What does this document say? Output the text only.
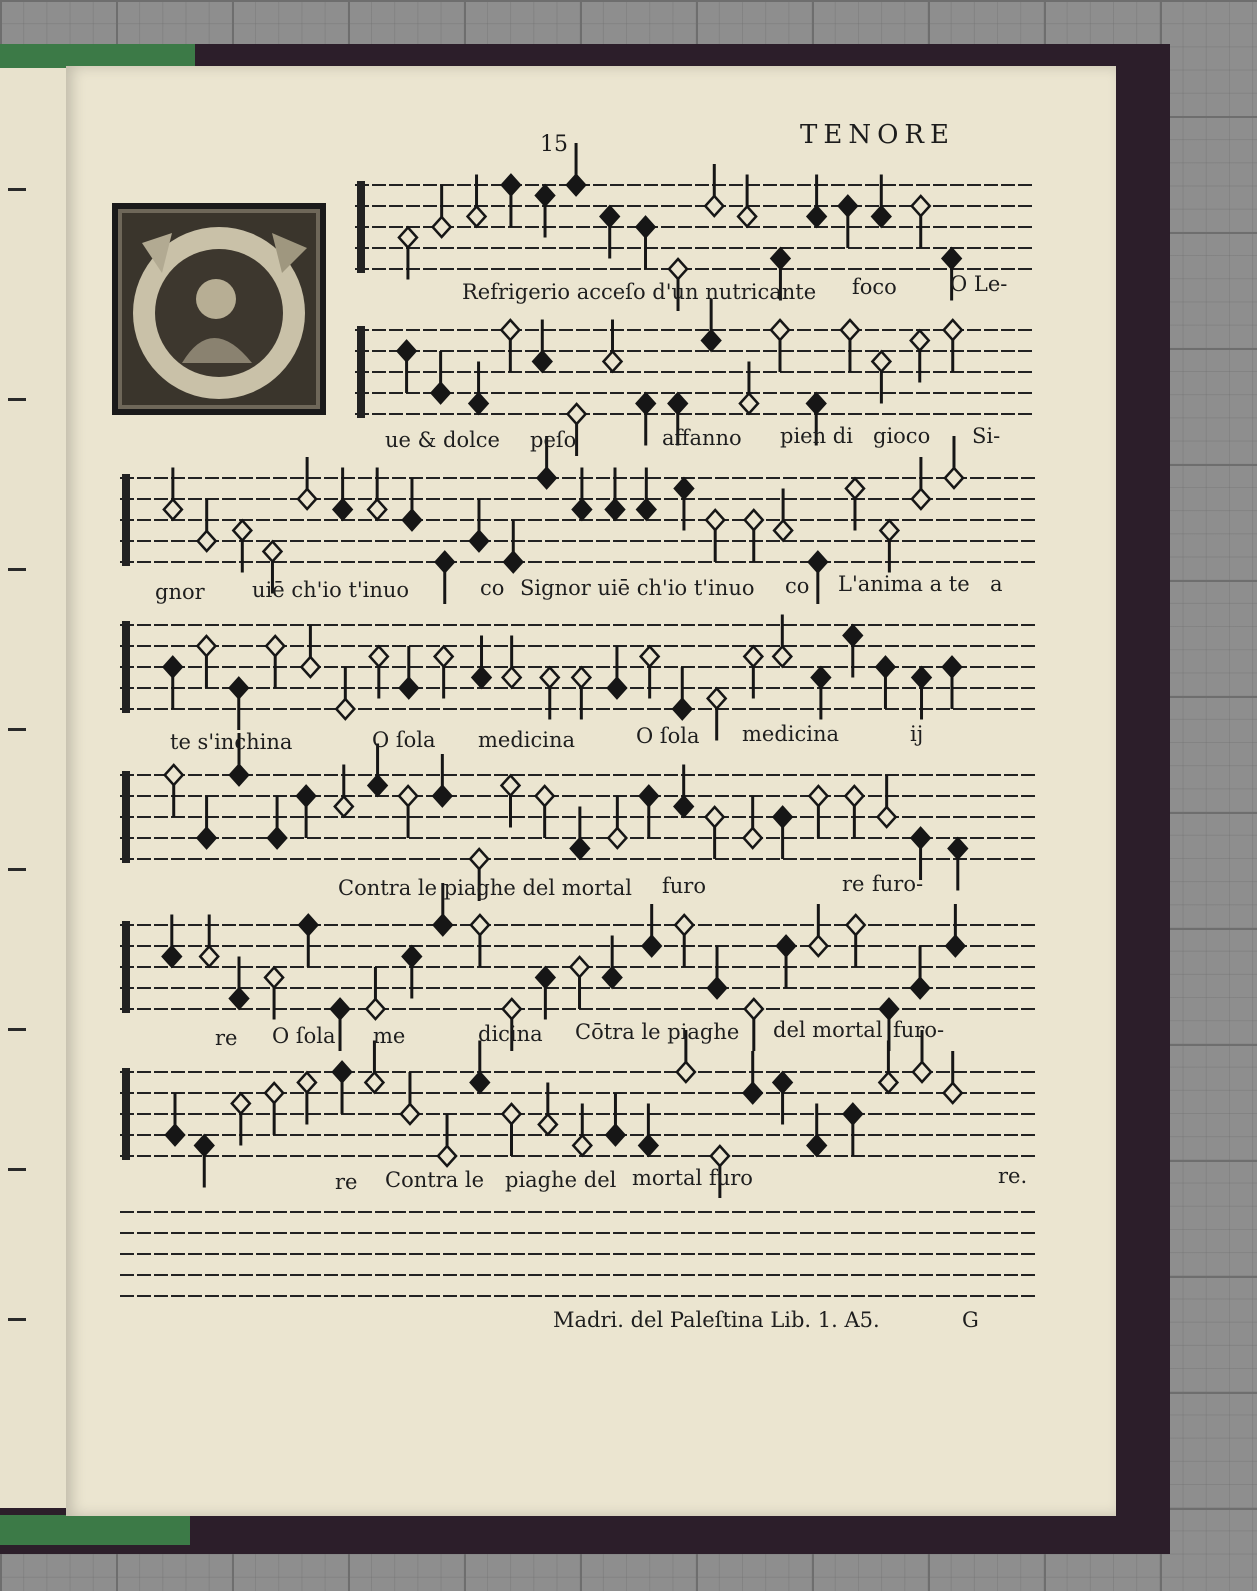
15	TENORE
Refrigerio acceſo d'un nutricante foco	O Le-
ue & dolce peſo	affanno pien di gioco Si-
gnor uiē ch'io t'inuo	co Signor uiē ch'io t'inuo co L'anima a te a
te s'inchina	O ſola medicina	O ſola medicina	ij
Contra le piaghe del mortal furo	re furo-
re O ſola me	dicina Cōtra le piaghe del mortal furo-
re Contra le piaghe del mortal furo	re.
Madri. del Paleſtina Lib. 1. A5.	G
